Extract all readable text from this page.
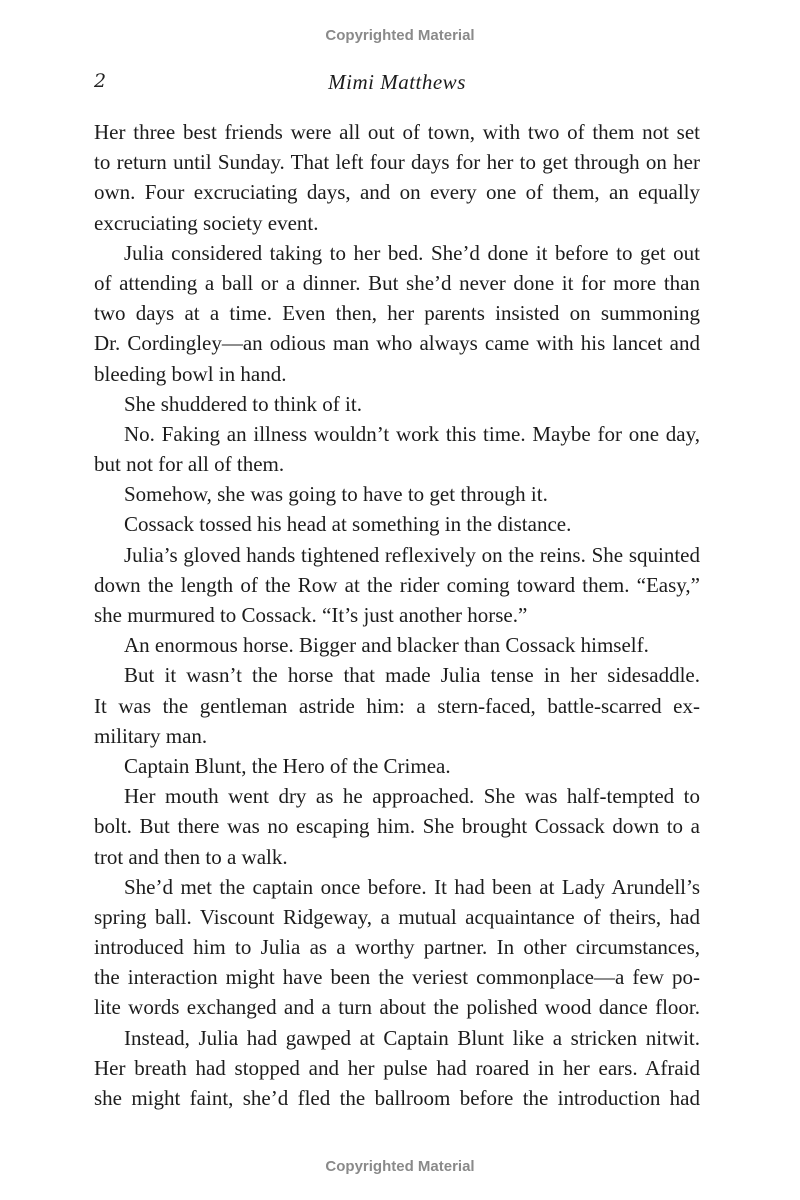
Copyrighted Material
2	Mimi Matthews
Her three best friends were all out of town, with two of them not set
to return until Sunday. That left four days for her to get through on her
own. Four excruciating days, and on every one of them, an equally
excruciating society event.
Julia considered taking to her bed. She’d done it before to get out
of attending a ball or a dinner. But she’d never done it for more than
two days at a time. Even then, her parents insisted on summoning
Dr. Cordingley—an odious man who always came with his lancet and
bleeding bowl in hand.
She shuddered to think of it.
No. Faking an illness wouldn’t work this time. Maybe for one day,
but not for all of them.
Somehow, she was going to have to get through it.
Cossack tossed his head at something in the distance.
Julia’s gloved hands tightened reflexively on the reins. She squinted
down the length of the Row at the rider coming toward them. “Easy,”
she murmured to Cossack. “It’s just another horse.”
An enormous horse. Bigger and blacker than Cossack himself.
But it wasn’t the horse that made Julia tense in her sidesaddle.
It was the gentleman astride him: a stern-faced, battle-scarred ex-
military man.
Captain Blunt, the Hero of the Crimea.
Her mouth went dry as he approached. She was half-tempted to
bolt. But there was no escaping him. She brought Cossack down to a
trot and then to a walk.
She’d met the captain once before. It had been at Lady Arundell’s
spring ball. Viscount Ridgeway, a mutual acquaintance of theirs, had
introduced him to Julia as a worthy partner. In other circumstances,
the interaction might have been the veriest commonplace—a few po-
lite words exchanged and a turn about the polished wood dance floor.
Instead, Julia had gawped at Captain Blunt like a stricken nitwit.
Her breath had stopped and her pulse had roared in her ears. Afraid
she might faint, she’d fled the ballroom before the introduction had
Copyrighted Material
